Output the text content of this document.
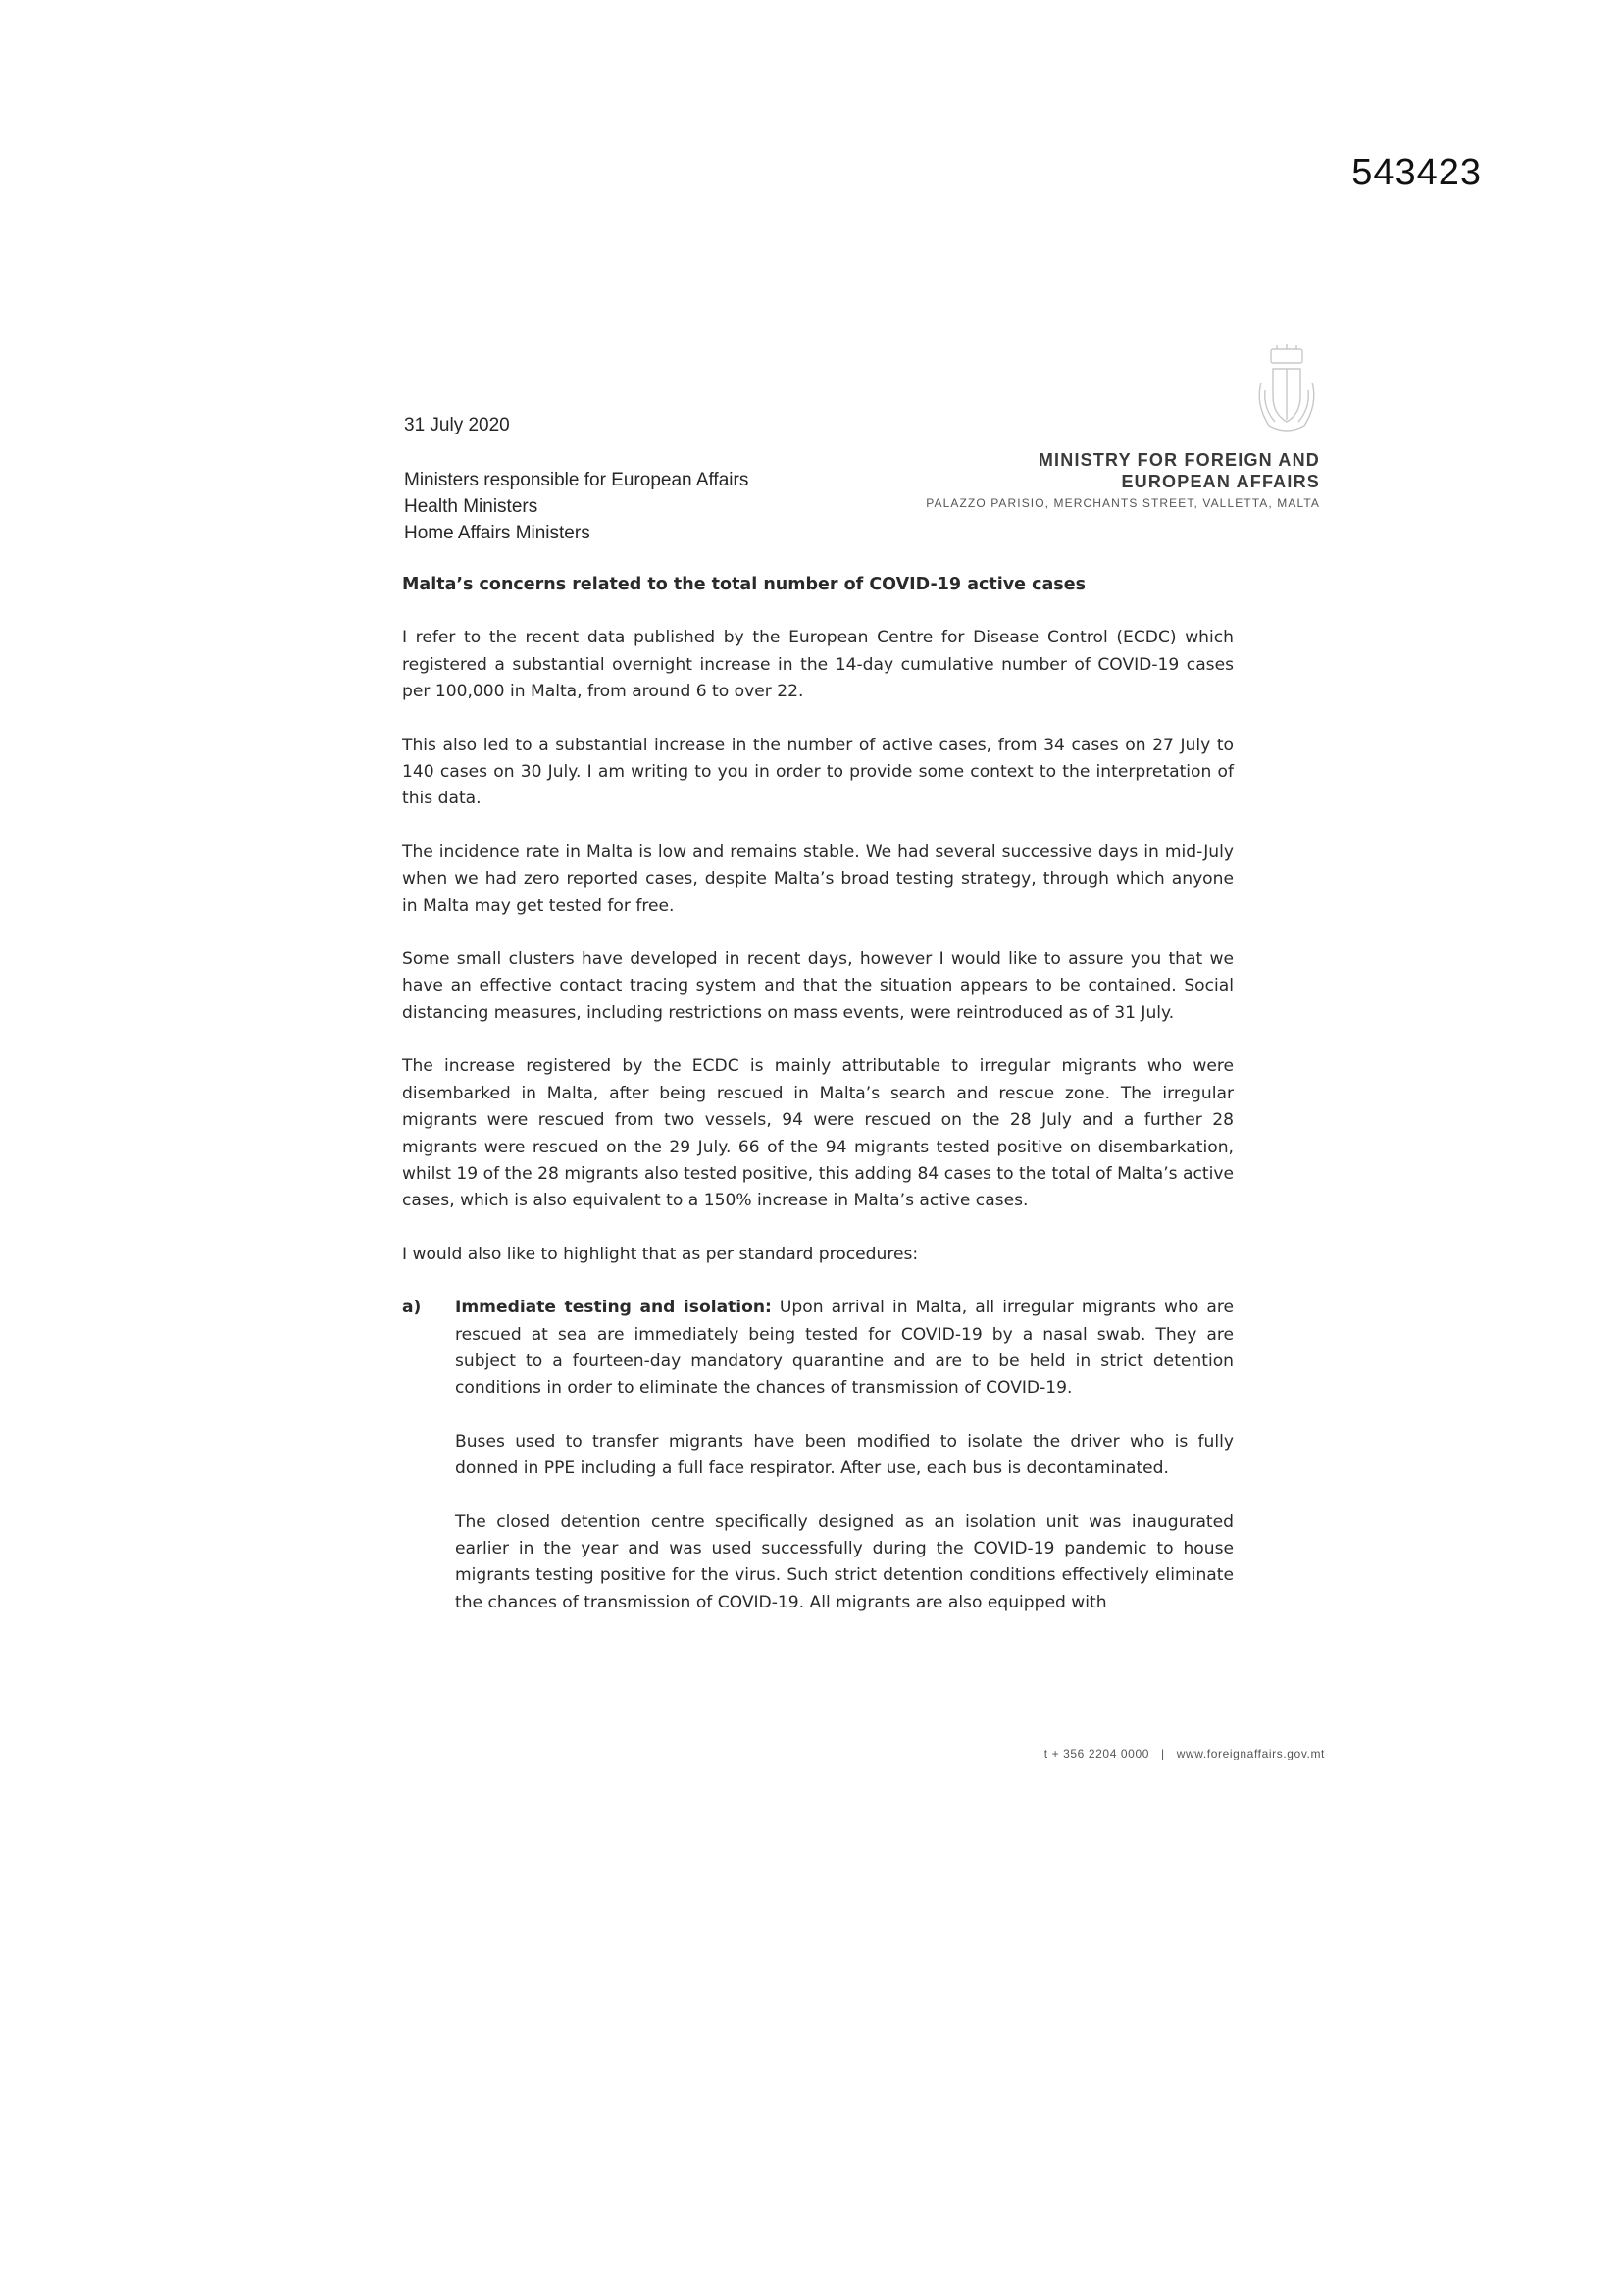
543423
MINISTRY FOR FOREIGN AND
EUROPEAN AFFAIRS
PALAZZO PARISIO, MERCHANTS STREET, VALLETTA, MALTA
31 July 2020
Ministers responsible for European Affairs
Health Ministers
Home Affairs Ministers
Malta’s concerns related to the total number of COVID-19 active cases

I refer to the recent data published by the European Centre for Disease Control (ECDC) which registered a substantial overnight increase in the 14-day cumulative number of COVID-19 cases per 100,000 in Malta, from around 6 to over 22.

This also led to a substantial increase in the number of active cases, from 34 cases on 27 July to 140 cases on 30 July. I am writing to you in order to provide some context to the interpretation of this data.

The incidence rate in Malta is low and remains stable. We had several successive days in mid-July when we had zero reported cases, despite Malta’s broad testing strategy, through which anyone in Malta may get tested for free.

Some small clusters have developed in recent days, however I would like to assure you that we have an effective contact tracing system and that the situation appears to be contained. Social distancing measures, including restrictions on mass events, were reintroduced as of 31 July.

The increase registered by the ECDC is mainly attributable to irregular migrants who were disembarked in Malta, after being rescued in Malta’s search and rescue zone. The irregular migrants were rescued from two vessels, 94 were rescued on the 28 July and a further 28 migrants were rescued on the 29 July. 66 of the 94 migrants tested positive on disembarkation, whilst 19 of the 28 migrants also tested positive, this adding 84 cases to the total of Malta’s active cases, which is also equivalent to a 150% increase in Malta’s active cases.

I would also like to highlight that as per standard procedures:

a)	Immediate testing and isolation: Upon arrival in Malta, all irregular migrants who are rescued at sea are immediately being tested for COVID-19 by a nasal swab. They are subject to a fourteen-day mandatory quarantine and are to be held in strict detention conditions in order to eliminate the chances of transmission of COVID-19.

Buses used to transfer migrants have been modified to isolate the driver who is fully donned in PPE including a full face respirator. After use, each bus is decontaminated.

The closed detention centre specifically designed as an isolation unit was inaugurated earlier in the year and was used successfully during the COVID-19 pandemic to house migrants testing positive for the virus. Such strict detention conditions effectively eliminate the chances of transmission of COVID-19. All migrants are also equipped with

t + 356 2204 0000 | www.foreignaffairs.gov.mt
